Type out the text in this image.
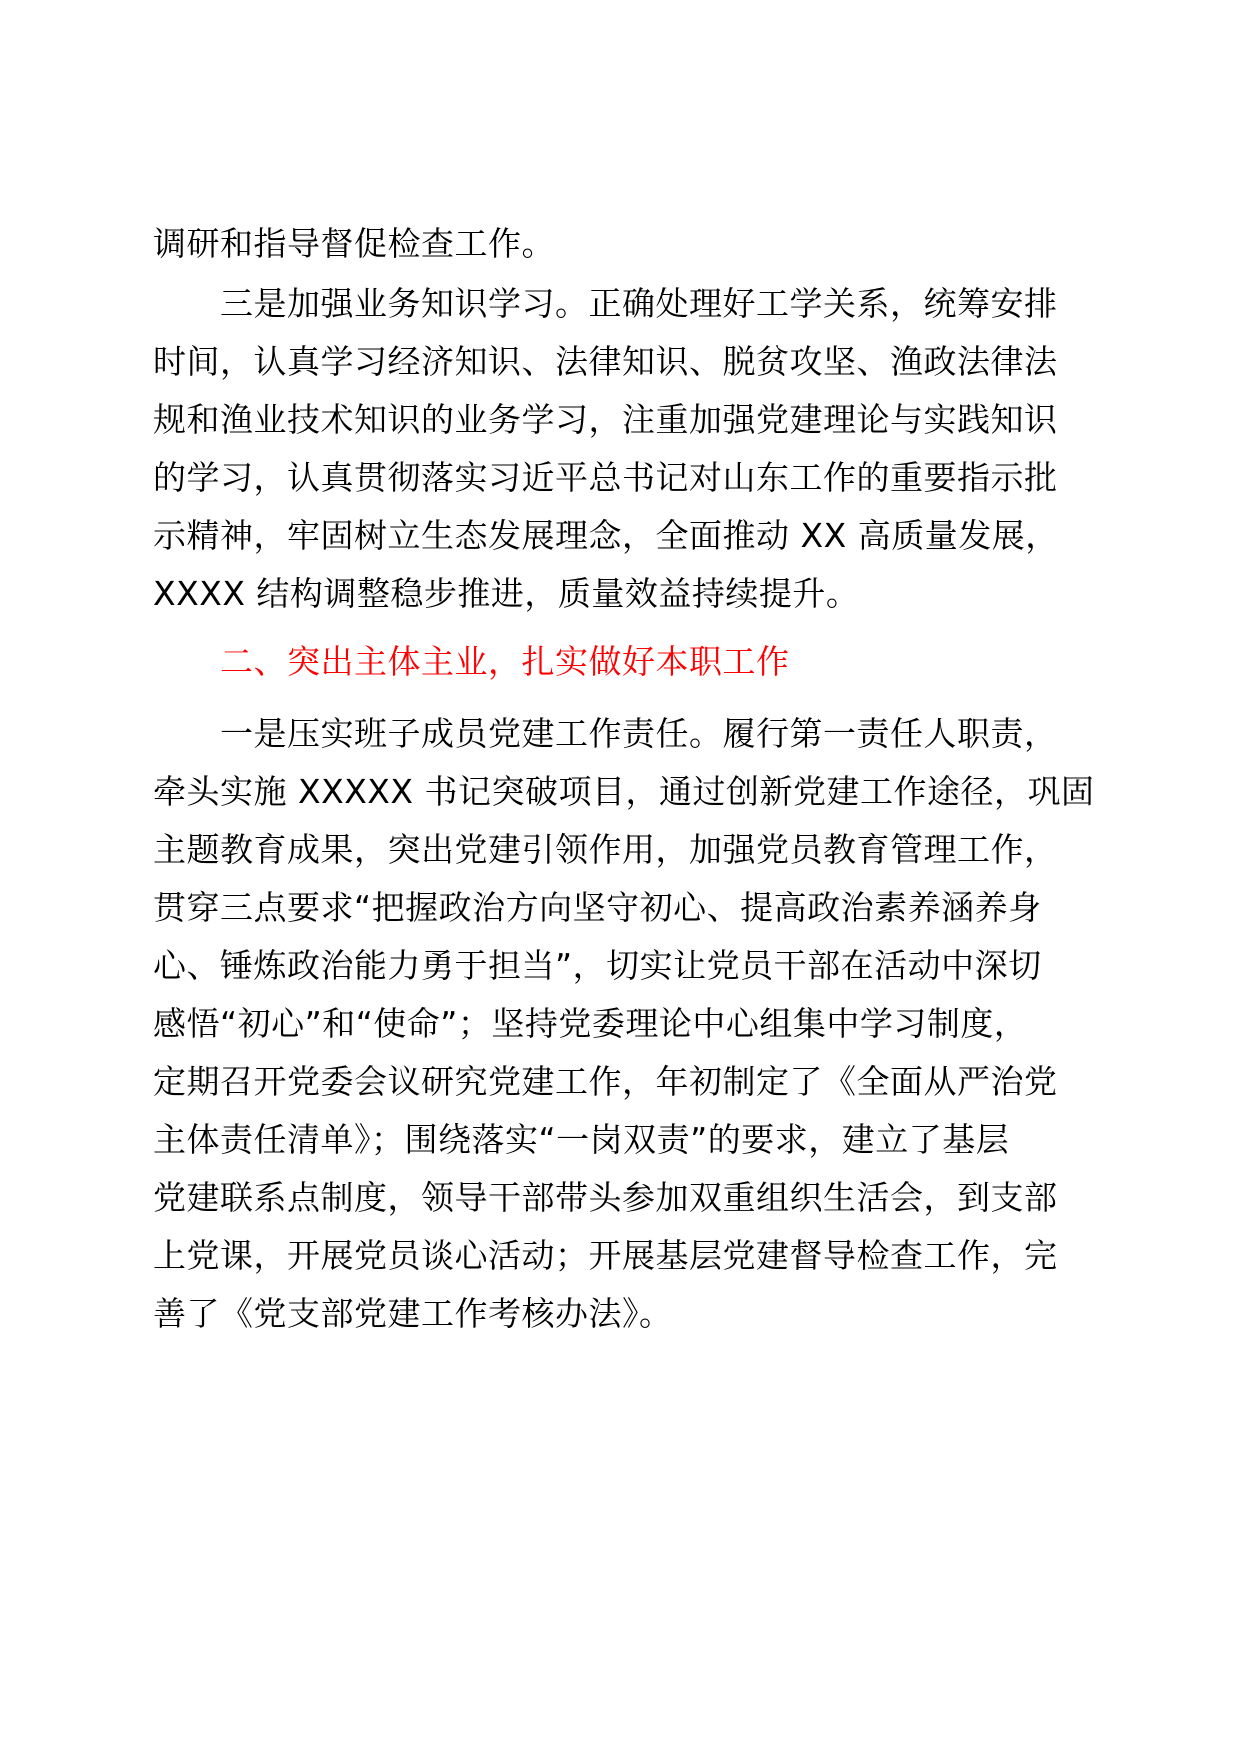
调研和指导督促检查工作。
三是加强业务知识学习。正确处理好工学关系，统筹安排
时间，认真学习经济知识、法律知识、脱贫攻坚、渔政法律法
规和渔业技术知识的业务学习，注重加强党建理论与实践知识
的学习，认真贯彻落实习近平总书记对山东工作的重要指示批
示精神，牢固树立生态发展理念，全面推动 XX 高质量发展，
XXXX 结构调整稳步推进，质量效益持续提升。
二、突出主体主业，扎实做好本职工作
一是压实班子成员党建工作责任。履行第一责任人职责，
牵头实施 XXXXX 书记突破项目，通过创新党建工作途径，巩固
主题教育成果，突出党建引领作用，加强党员教育管理工作，
贯穿三点要求“把握政治方向坚守初心、提高政治素养涵养身
心、锤炼政治能力勇于担当”，切实让党员干部在活动中深切
感悟“初心”和“使命”；坚持党委理论中心组集中学习制度，
定期召开党委会议研究党建工作，年初制定了《全面从严治党
主体责任清单》；围绕落实“一岗双责”的要求，建立了基层
党建联系点制度，领导干部带头参加双重组织生活会，到支部
上党课，开展党员谈心活动；开展基层党建督导检查工作，完
善了《党支部党建工作考核办法》。
